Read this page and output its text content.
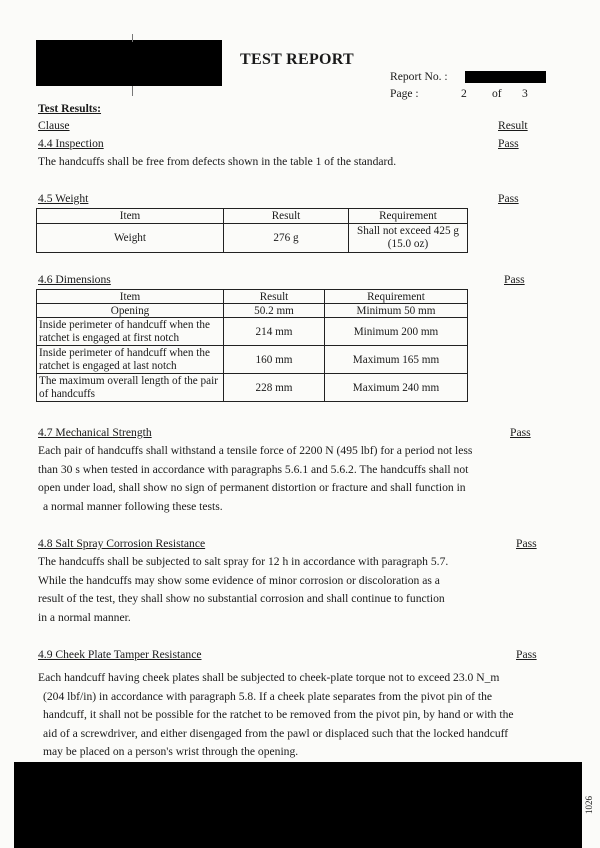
TEST REPORT
Report No. :
Page :	2 of 3
Test Results:
Clause	Result
4.4 Inspection	Pass
The handcuffs shall be free from defects shown in the table 1 of the standard.
4.5 Weight	Pass
Item	Result	Requirement
Weight	276 g	Shall not exceed 425 g
(15.0 oz)
4.6 Dimensions	Pass
Item	Result	Requirement
Opening	50.2 mm	Minimum 50 mm
Inside perimeter of handcuff when the ratchet is engaged at first notch	214 mm	Minimum 200 mm
Inside perimeter of handcuff when the ratchet is engaged at last notch	160 mm	Maximum 165 mm
The maximum overall length of the pair of handcuffs	228 mm	Maximum 240 mm
4.7 Mechanical Strength	Pass
Each pair of handcuffs shall withstand a tensile force of 2200 N (495 lbf) for a period not less
than 30 s when tested in accordance with paragraphs 5.6.1 and 5.6.2. The handcuffs shall not
open under load, shall show no sign of permanent distortion or fracture and shall function in
a normal manner following these tests.
4.8 Salt Spray Corrosion Resistance	Pass
The handcuffs shall be subjected to salt spray for 12 h in accordance with paragraph 5.7.
While the handcuffs may show some evidence of minor corrosion or discoloration as a
result of the test, they shall show no substantial corrosion and shall continue to function
in a normal manner.
4.9 Cheek Plate Tamper Resistance	Pass
Each handcuff having cheek plates shall be subjected to cheek-plate torque not to exceed 23.0 N_m
(204 lbf/in) in accordance with paragraph 5.8. If a cheek plate separates from the pivot pin of the
handcuff, it shall not be possible for the ratchet to be removed from the pivot pin, by hand or with the
aid of a screwdriver, and either disengaged from the pawl or displaced such that the locked handcuff
may be placed on a person's wrist through the opening.
1026
